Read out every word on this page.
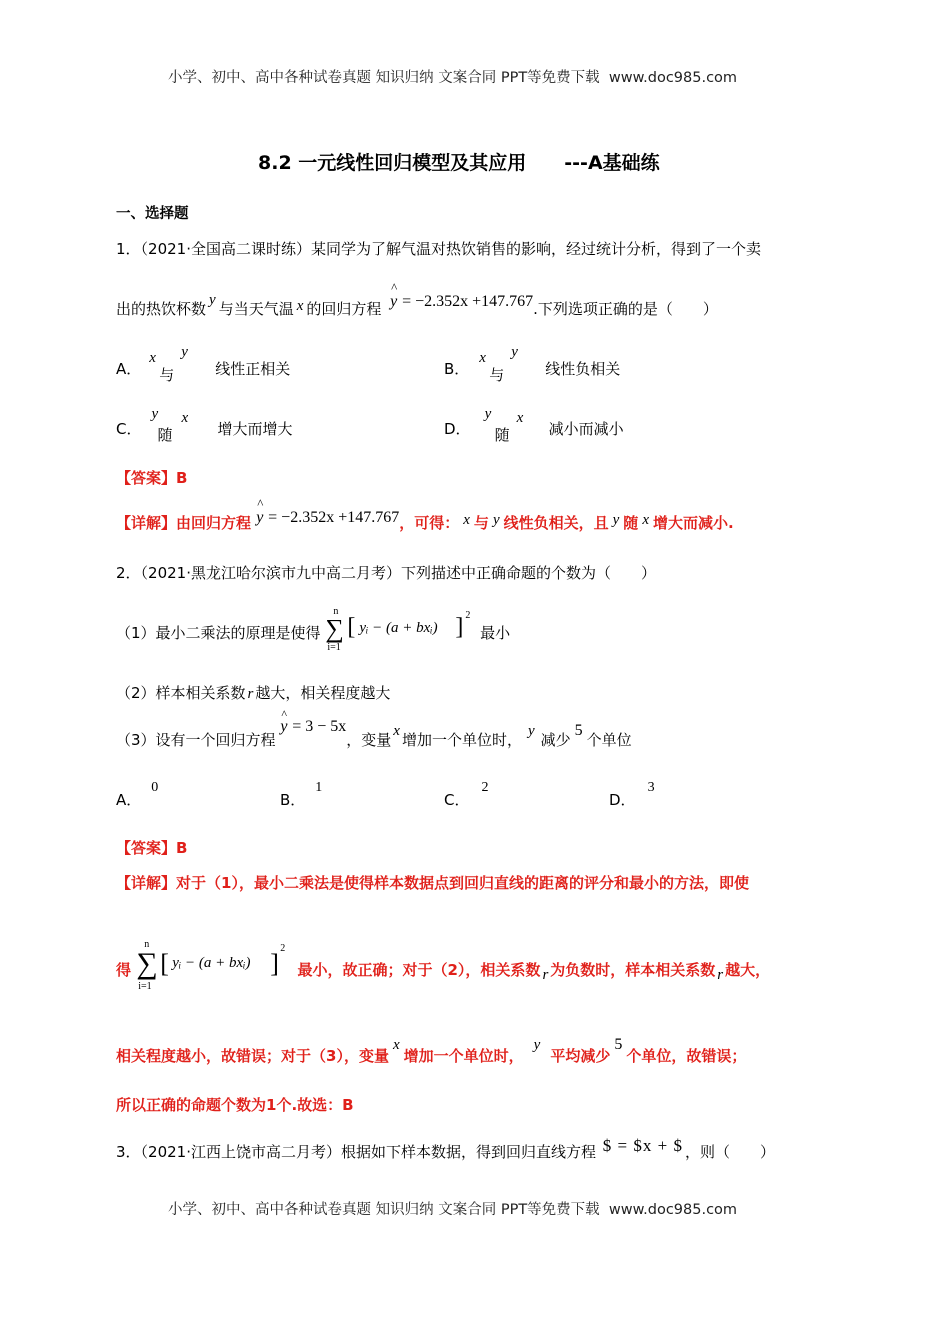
小学、初中、高中各种试卷真题 知识归纳 文案合同 PPT等免费下载 www.doc985.com
8.2 一元线性回归模型及其应用 ---A基础练
一、选择题
1．（2021·全国高二课时练）某同学为了解气温对热饮销售的影响，经过统计分析，得到了一个卖
出的热饮杯数 y 与当天气温 x 的回归方程
^
y = −2.352x +147.767.下列选项正确的是（　　）
A．
x
与
y
线性正相关	B．
x
与
y
线性负相关
C．
y
随
x
增大而增大	D．
y
随
x
减小而减小
【答案】B
【详解】由回归方程
^
y = −2.352x +147.767，可得： x 与 y 线性负相关，且 y 随 x 增大而减小.
2．（2021·黑龙江哈尔滨市九中高二月考）下列描述中正确命题的个数为（　　）
（1）最小二乘法的原理是使得
n
∑
i=1
[ yᵢ − (a + bxᵢ) ] 2
最小
（2）样本相关系数 r 越大，相关程度越大
（3）设有一个回归方程
^
y = 3 − 5x，变量 x 增加一个单位时， y 减少5个单位
A．0
B．1
C．2
D．3
【答案】B
【详解】对于（1），最小二乘法是使得样本数据点到回归直线的距离的评分和最小的方法，即使
得
n
∑
i=1
[ yᵢ − (a + bxᵢ) ]
2
最小，故正确；对于（2），相关系数 r 为负数时，样本相关系数 r 越大，
相关程度越小，故错误；对于（3），变量x增加一个单位时，y平均减少5个单位，故错误；
所以正确的命题个数为1个.故选：B
3．（2021·江西上饶市高二月考）根据如下样本数据，得到回归直线方程 $ = $x + $ ，则（　　）
小学、初中、高中各种试卷真题 知识归纳 文案合同 PPT等免费下载 www.doc985.com
